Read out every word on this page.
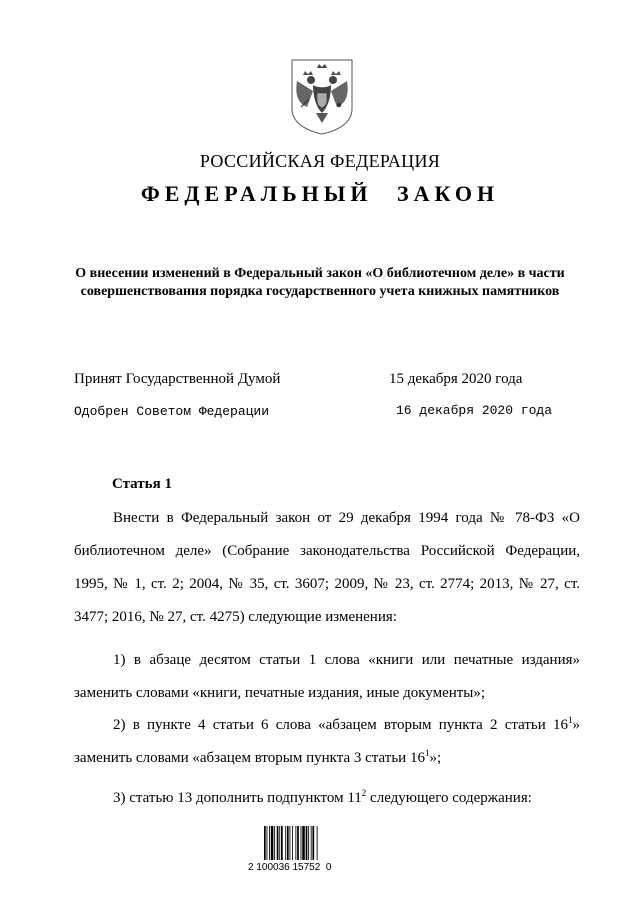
РОССИЙСКАЯ ФЕДЕРАЦИЯ
ФЕДЕРАЛЬНЫЙ ЗАКОН
О внесении изменений в Федеральный закон «О библиотечном деле» в части совершенствования порядка государственного учета книжных памятников
Принят Государственной Думой	15 декабря 2020 года
Одобрен Советом Федерации	16 декабря 2020 года
Статья 1
Внести в Федеральный закон от 29 декабря 1994 года № 78-ФЗ «О библиотечном деле» (Собрание законодательства Российской Федерации, 1995, № 1, ст. 2; 2004, № 35, ст. 3607; 2009, № 23, ст. 2774; 2013, № 27, ст. 3477; 2016, № 27, ст. 4275) следующие изменения:
1) в абзаце десятом статьи 1 слова «книги или печатные издания» заменить словами «книги, печатные издания, иные документы»;
2) в пункте 4 статьи 6 слова «абзацем вторым пункта 2 статьи $16^1$» заменить словами «абзацем вторым пункта 3 статьи $16^1$»;
3) статью 13 дополнить подпунктом $11^2$ следующего содержания:
2 100036 15752  0
